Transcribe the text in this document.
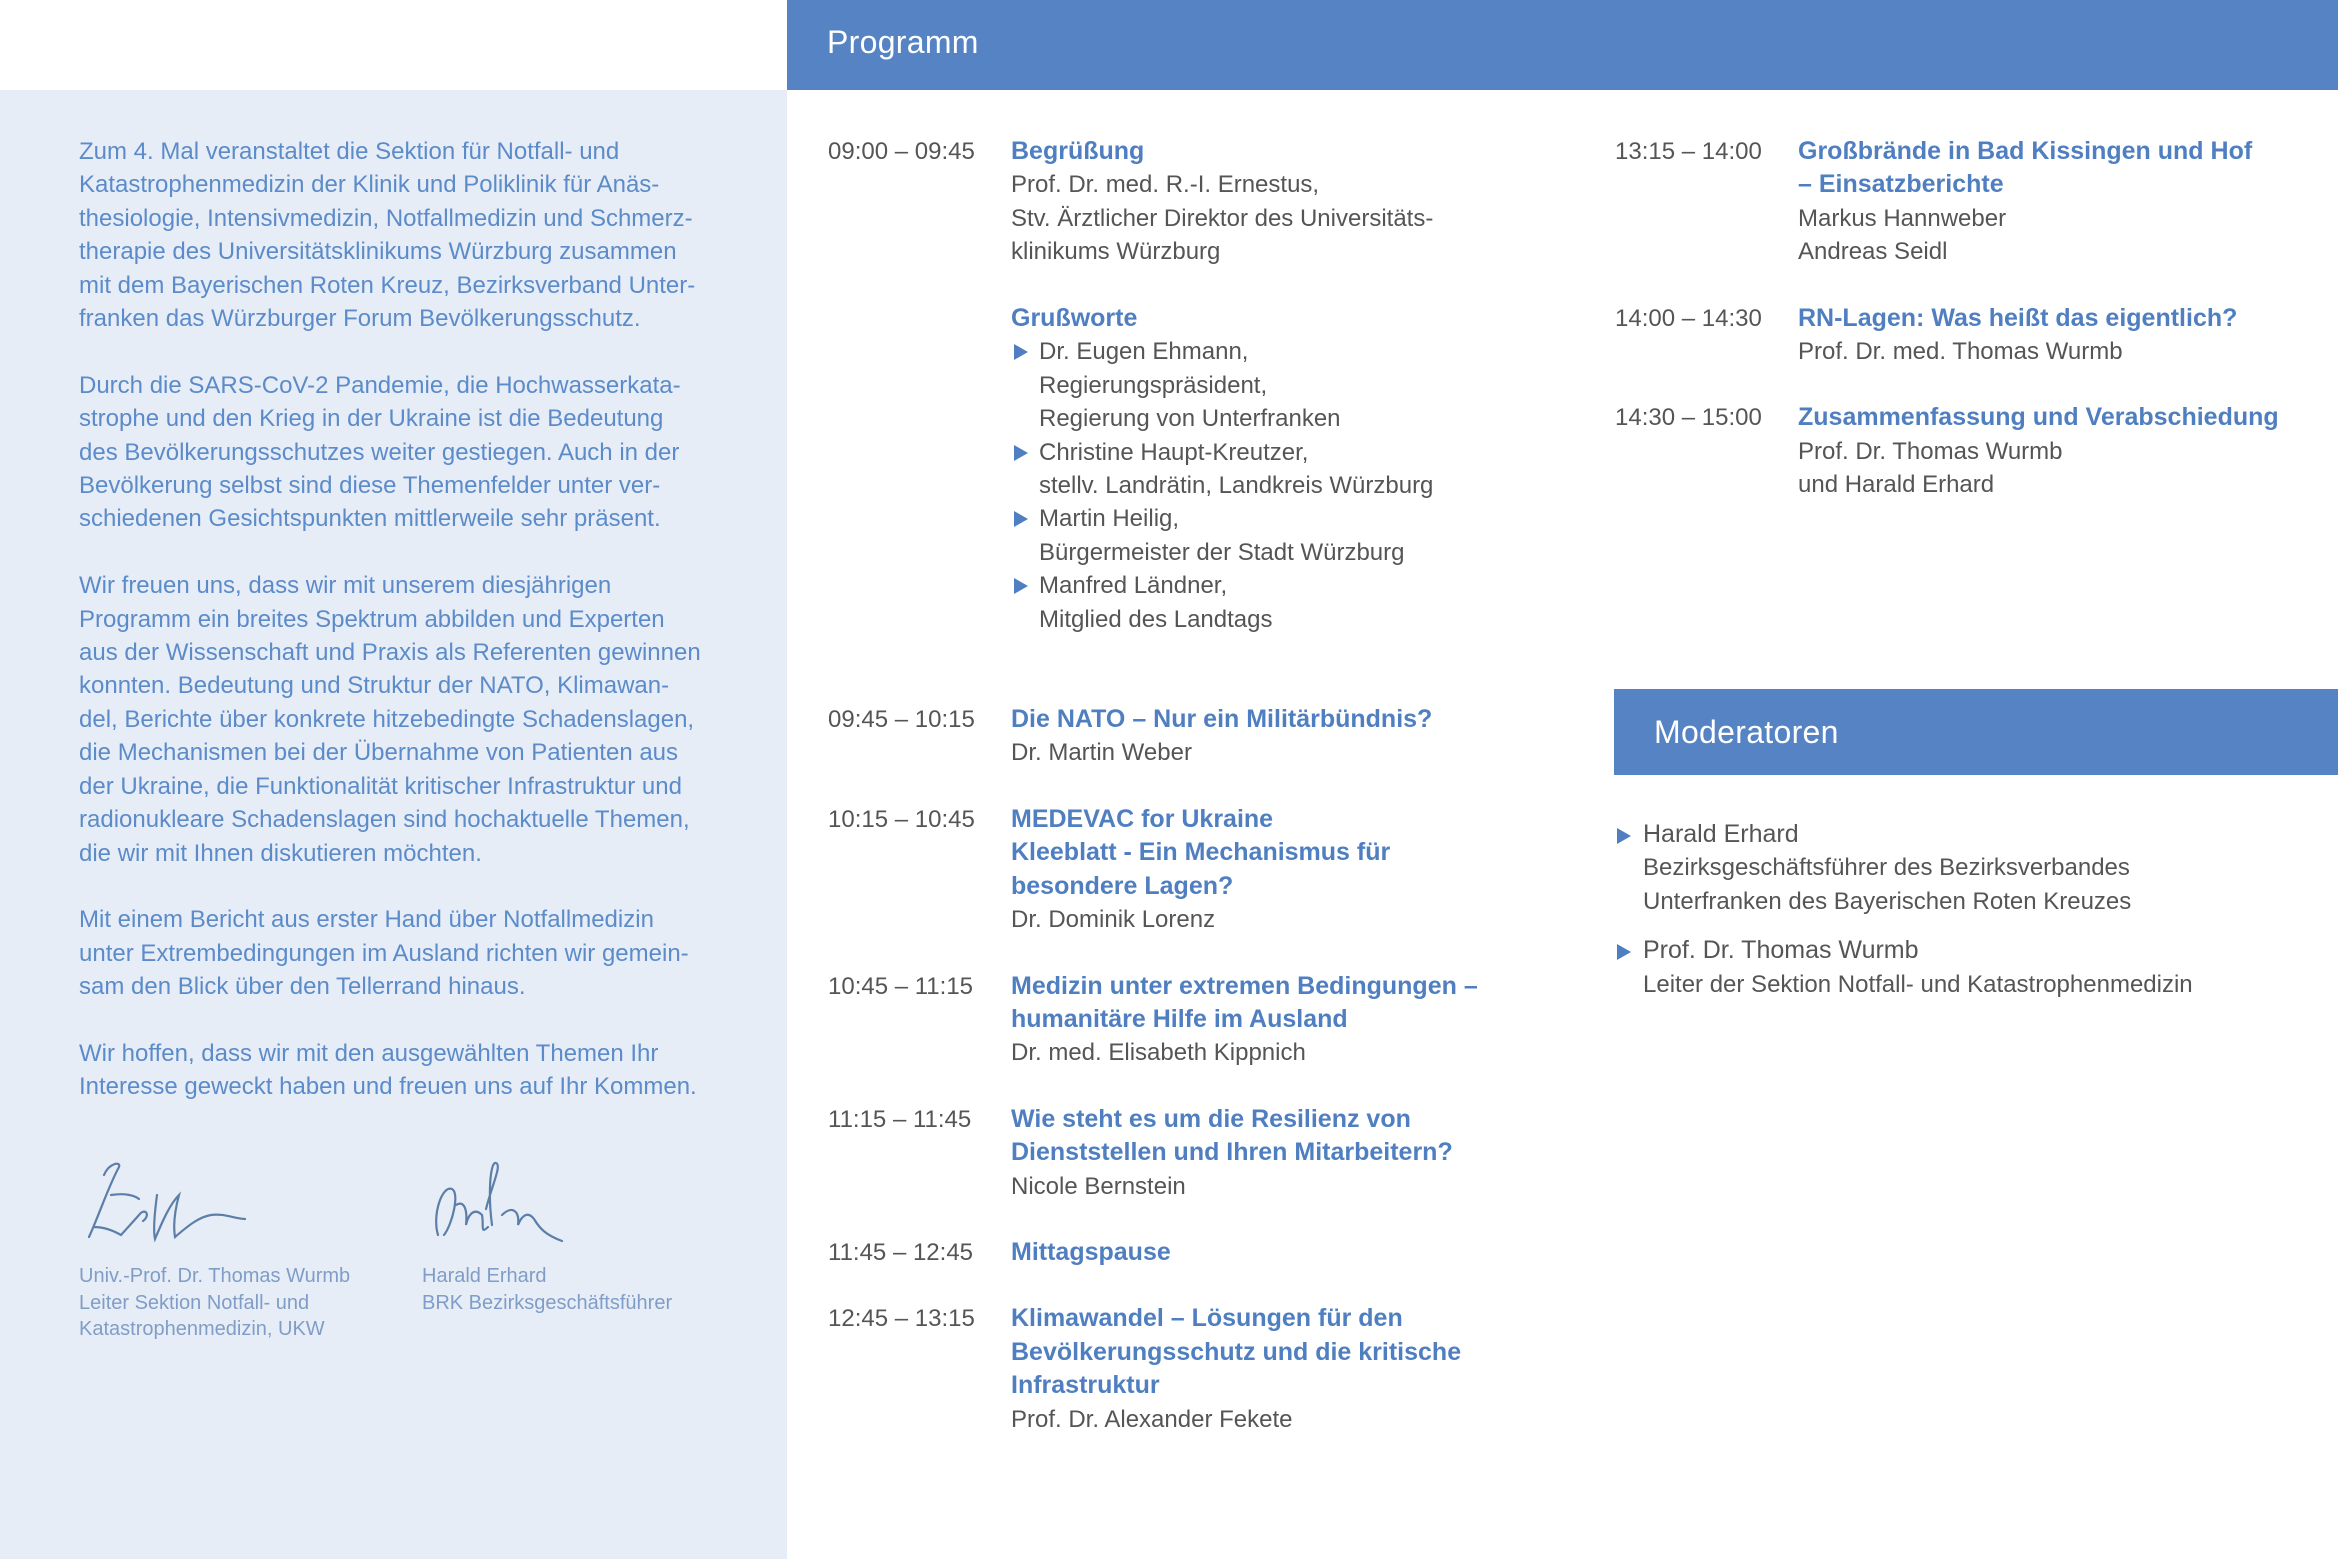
Zum 4. Mal veranstaltet die Sektion für Notfall- und
Katastrophenmedizin der Klinik und Poliklinik für Anäs-
thesiologie, Intensivmedizin, Notfallmedizin und Schmerz-
therapie des Universitätsklinikums Würzburg zusammen
mit dem Bayerischen Roten Kreuz, Bezirksverband Unter-
franken das Würzburger Forum Bevölkerungsschutz.

Durch die SARS-CoV-2 Pandemie, die Hochwasserkata-
strophe und den Krieg in der Ukraine ist die Bedeutung
des Bevölkerungsschutzes weiter gestiegen. Auch in der
Bevölkerung selbst sind diese Themenfelder unter ver-
schiedenen Gesichtspunkten mittlerweile sehr präsent.

Wir freuen uns, dass wir mit unserem diesjährigen
Programm ein breites Spektrum abbilden und Experten
aus der Wissenschaft und Praxis als Referenten gewinnen
konnten. Bedeutung und Struktur der NATO, Klimawan-
del, Berichte über konkrete hitzebedingte Schadenslagen,
die Mechanismen bei der Übernahme von Patienten aus
der Ukraine, die Funktionalität kritischer Infrastruktur und
radionukleare Schadenslagen sind hochaktuelle Themen,
die wir mit Ihnen diskutieren möchten.

Mit einem Bericht aus erster Hand über Notfallmedizin
unter Extrembedingungen im Ausland richten wir gemein-
sam den Blick über den Tellerrand hinaus.

Wir hoffen, dass wir mit den ausgewählten Themen Ihr
Interesse geweckt haben und freuen uns auf Ihr Kommen.

Univ.-Prof. Dr. Thomas Wurmb
Leiter Sektion Notfall- und
Katastrophenmedizin, UKW
Harald Erhard
BRK Bezirksgeschäftsführer
Programm
09:00 – 09:45	Begrüßung
Prof. Dr. med. R.-I. Ernestus,
Stv. Ärztlicher Direktor des Universitäts-
klinikums Würzburg
Grußworte
Dr. Eugen Ehmann,
Regierungspräsident,
Regierung von Unterfranken
Christine Haupt-Kreutzer,
stellv. Landrätin, Landkreis Würzburg
Martin Heilig,
Bürgermeister der Stadt Würzburg
Manfred Ländner,
Mitglied des Landtags
09:45 – 10:15	Die NATO – Nur ein Militärbündnis?
Dr. Martin Weber
10:15 – 10:45	MEDEVAC for Ukraine
Kleeblatt - Ein Mechanismus für
besondere Lagen?
Dr. Dominik Lorenz
10:45 – 11:15	Medizin unter extremen Bedingungen –
humanitäre Hilfe im Ausland
Dr. med. Elisabeth Kippnich
11:15 – 11:45	Wie steht es um die Resilienz von
Dienststellen und Ihren Mitarbeitern?
Nicole Bernstein
11:45 – 12:45	Mittagspause
12:45 – 13:15	Klimawandel – Lösungen für den
Bevölkerungsschutz und die kritische
Infrastruktur
Prof. Dr. Alexander Fekete
13:15 – 14:00	Großbrände in Bad Kissingen und Hof
– Einsatzberichte
Markus Hannweber
Andreas Seidl
14:00 – 14:30	RN-Lagen: Was heißt das eigentlich?
Prof. Dr. med. Thomas Wurmb
14:30 – 15:00	Zusammenfassung und Verabschiedung
Prof. Dr. Thomas Wurmb
und Harald Erhard
Moderatoren
Harald Erhard
Bezirksgeschäftsführer des Bezirksverbandes
Unterfranken des Bayerischen Roten Kreuzes
Prof. Dr. Thomas Wurmb
Leiter der Sektion Notfall- und Katastrophenmedizin
